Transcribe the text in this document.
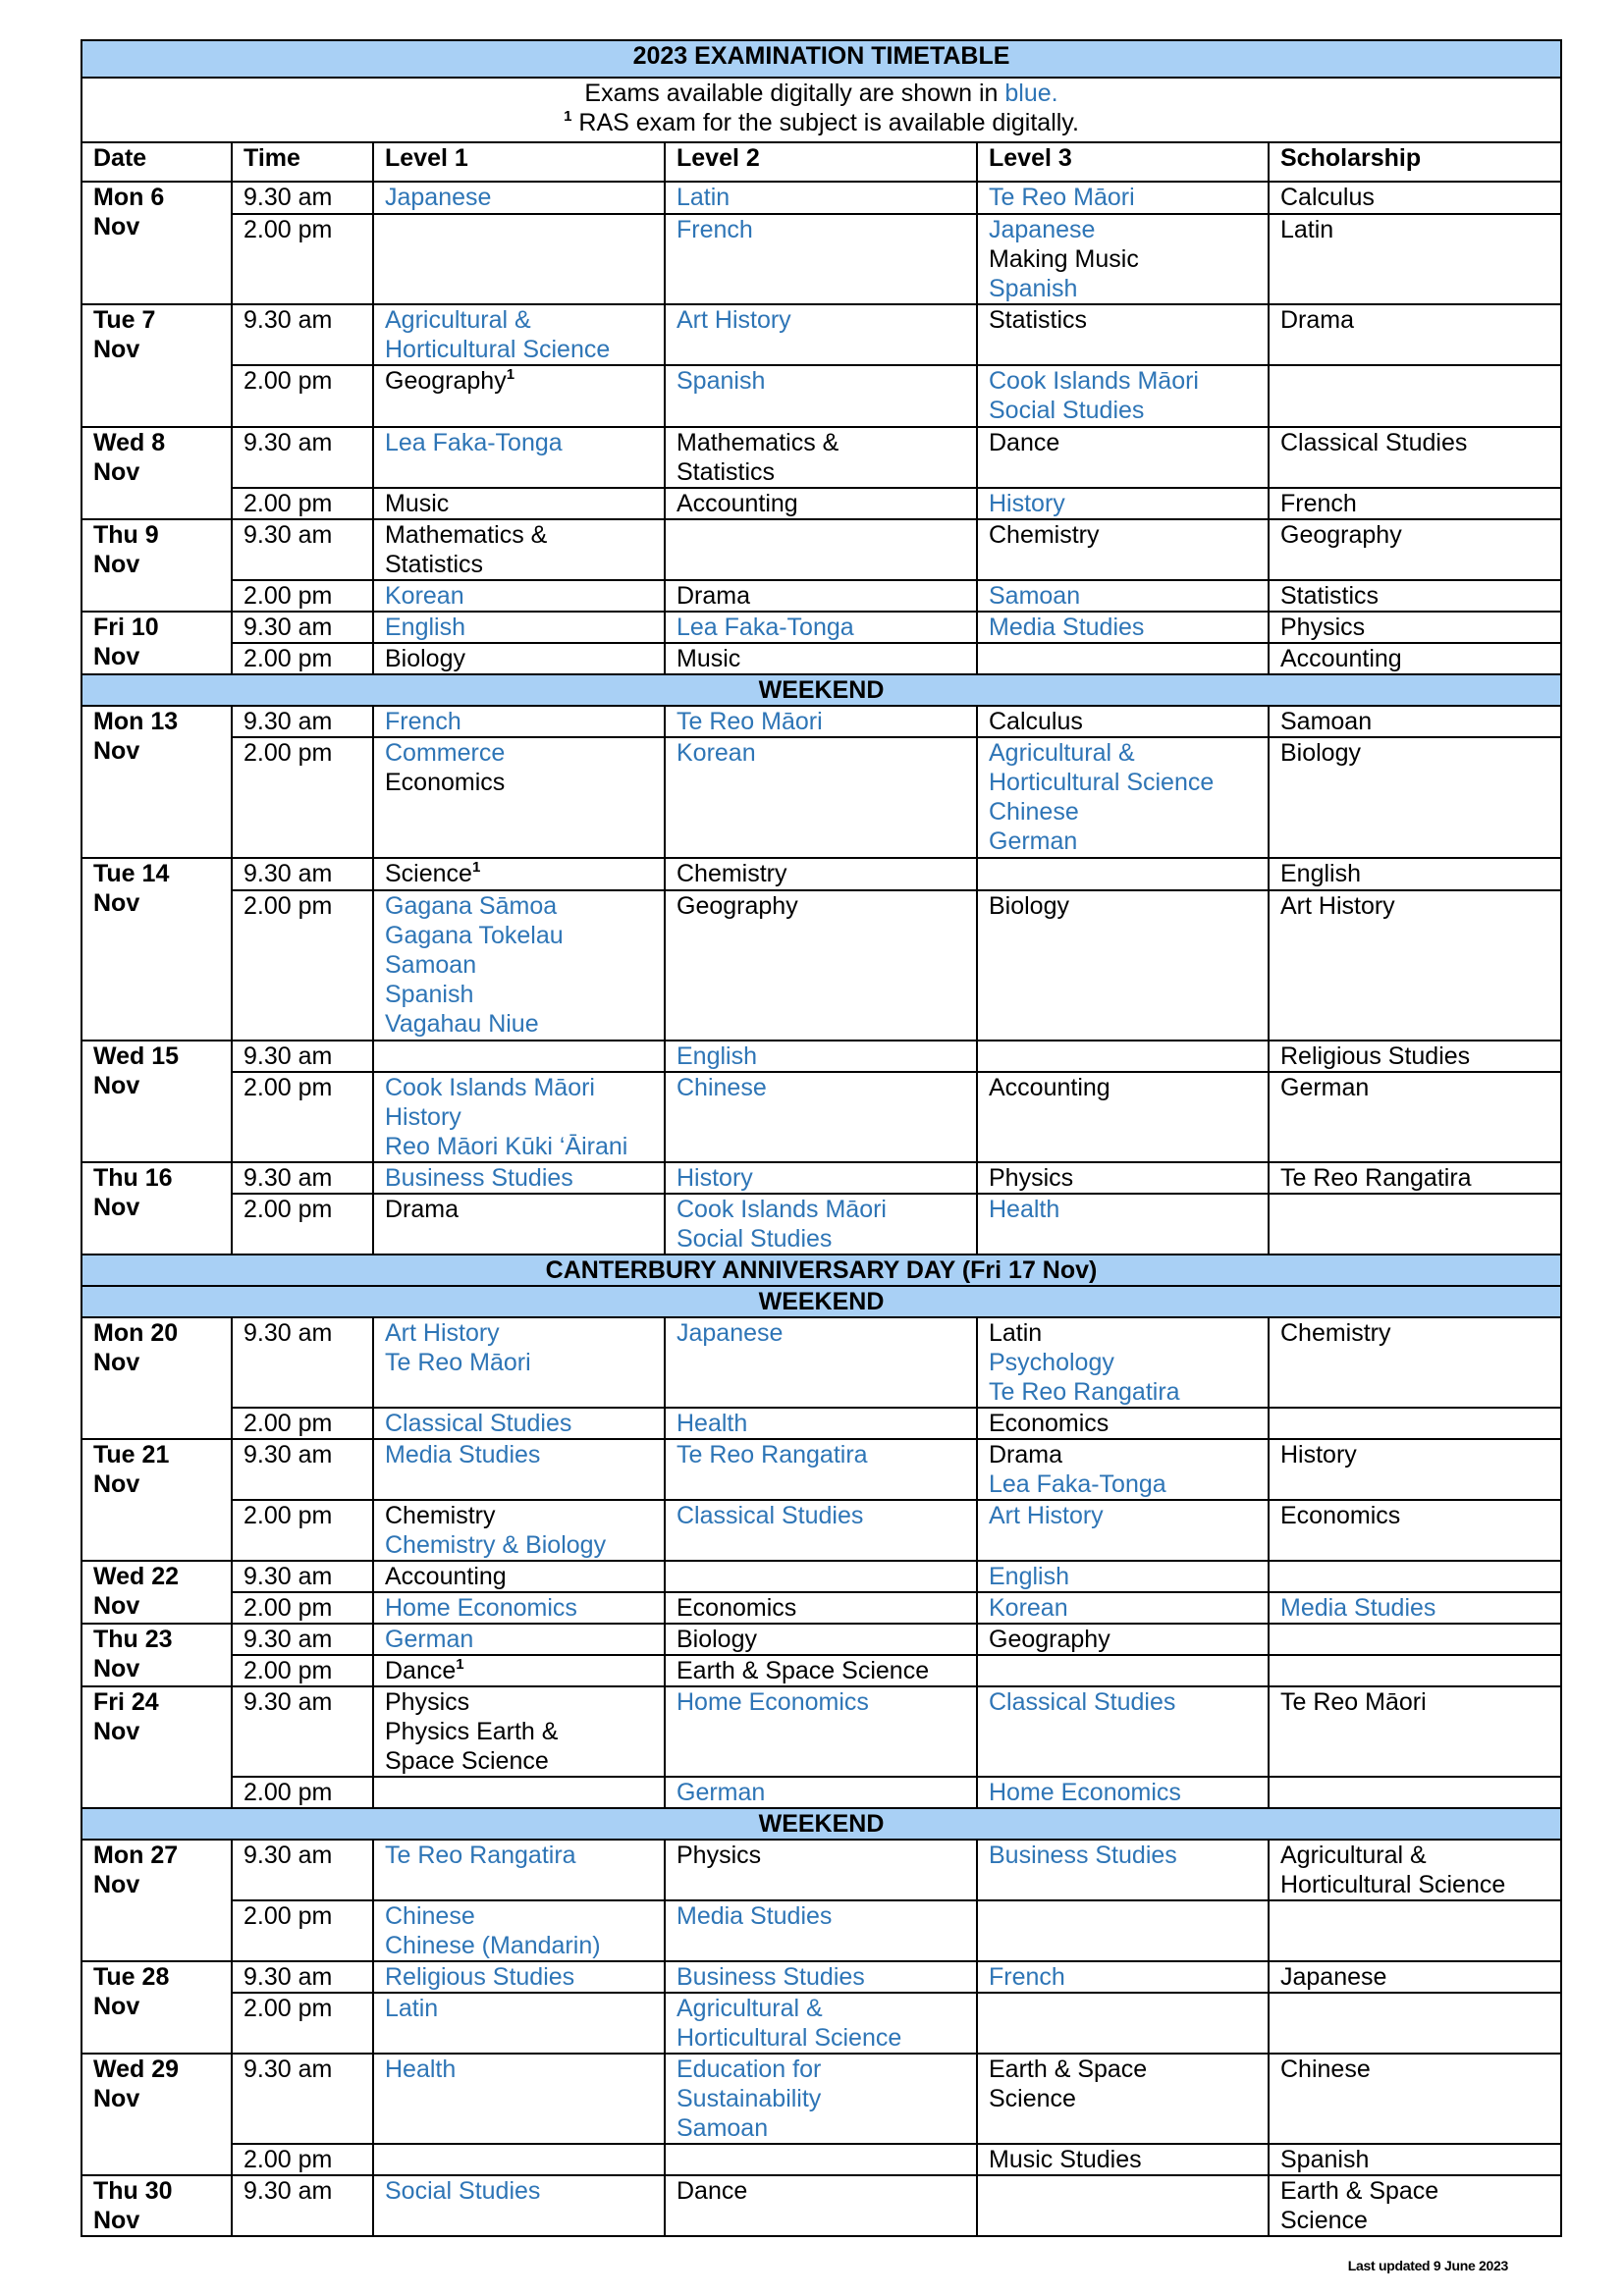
2023 EXAMINATION TIMETABLE					
Exams available digitally are shown in blue.
$^1$ RAS exam for the subject is available digitally.					
Date	Time	Level 1	Level 2	Level 3	Scholarship

Mon 6
Nov	9.30 am	Japanese	Latin	Te Reo Māori	Calculus

	2.00 pm		French	Japanese
Making Music
Spanish	Latin

Tue 7
Nov	9.30 am	Agricultural &
Horticultural Science	Art History	Statistics	Drama

	2.00 pm	Geography$^1$	Spanish	Cook Islands Māori
Social Studies	

Wed 8
Nov	9.30 am	Lea Faka-Tonga	Mathematics &
Statistics	Dance	Classical Studies

	2.00 pm	Music	Accounting	History	French

Thu 9
Nov	9.30 am	Mathematics &
Statistics		Chemistry	Geography

	2.00 pm	Korean	Drama	Samoan	Statistics

Fri 10
Nov	9.30 am	English	Lea Faka-Tonga	Media Studies	Physics

	2.00 pm	Biology	Music		Accounting

WEEKEND					

Mon 13
Nov	9.30 am	French	Te Reo Māori	Calculus	Samoan

	2.00 pm	Commerce
Economics	Korean	Agricultural &
Horticultural Science
Chinese
German	Biology

Tue 14
Nov	9.30 am	Science$^1$	Chemistry		English

	2.00 pm	Gagana Sāmoa
Gagana Tokelau
Samoan
Spanish
Vagahau Niue	Geography	Biology	Art History

Wed 15
Nov	9.30 am		English		Religious Studies

	2.00 pm	Cook Islands Māori
History
Reo Māori Kūki ‘Āirani	Chinese	Accounting	German

Thu 16
Nov	9.30 am	Business Studies	History	Physics	Te Reo Rangatira

	2.00 pm	Drama	Cook Islands Māori
Social Studies	Health	

CANTERBURY ANNIVERSARY DAY (Fri 17 Nov)					
WEEKEND					

Mon 20
Nov	9.30 am	Art History
Te Reo Māori	Japanese	Latin
Psychology
Te Reo Rangatira	Chemistry

	2.00 pm	Classical Studies	Health	Economics	

Tue 21
Nov	9.30 am	Media Studies	Te Reo Rangatira	Drama
Lea Faka-Tonga	History

	2.00 pm	Chemistry
Chemistry & Biology	Classical Studies	Art History	Economics

Wed 22
Nov	9.30 am	Accounting		English	

	2.00 pm	Home Economics	Economics	Korean	Media Studies

Thu 23
Nov	9.30 am	German	Biology	Geography	

	2.00 pm	Dance$^1$	Earth & Space Science		

Fri 24
Nov	9.30 am	Physics
Physics Earth &
Space Science	Home Economics	Classical Studies	Te Reo Māori

	2.00 pm		German	Home Economics	

WEEKEND					

Mon 27
Nov	9.30 am	Te Reo Rangatira	Physics	Business Studies	Agricultural &
Horticultural Science

	2.00 pm	Chinese
Chinese (Mandarin)	Media Studies		

Tue 28
Nov	9.30 am	Religious Studies	Business Studies	French	Japanese

	2.00 pm	Latin	Agricultural &
Horticultural Science		

Wed 29
Nov	9.30 am	Health	Education for
Sustainability
Samoan	Earth & Space
Science	Chinese

	2.00 pm			Music Studies	Spanish

Thu 30
Nov	9.30 am	Social Studies	Dance		Earth & Space
Science
Last updated 9 June 2023
